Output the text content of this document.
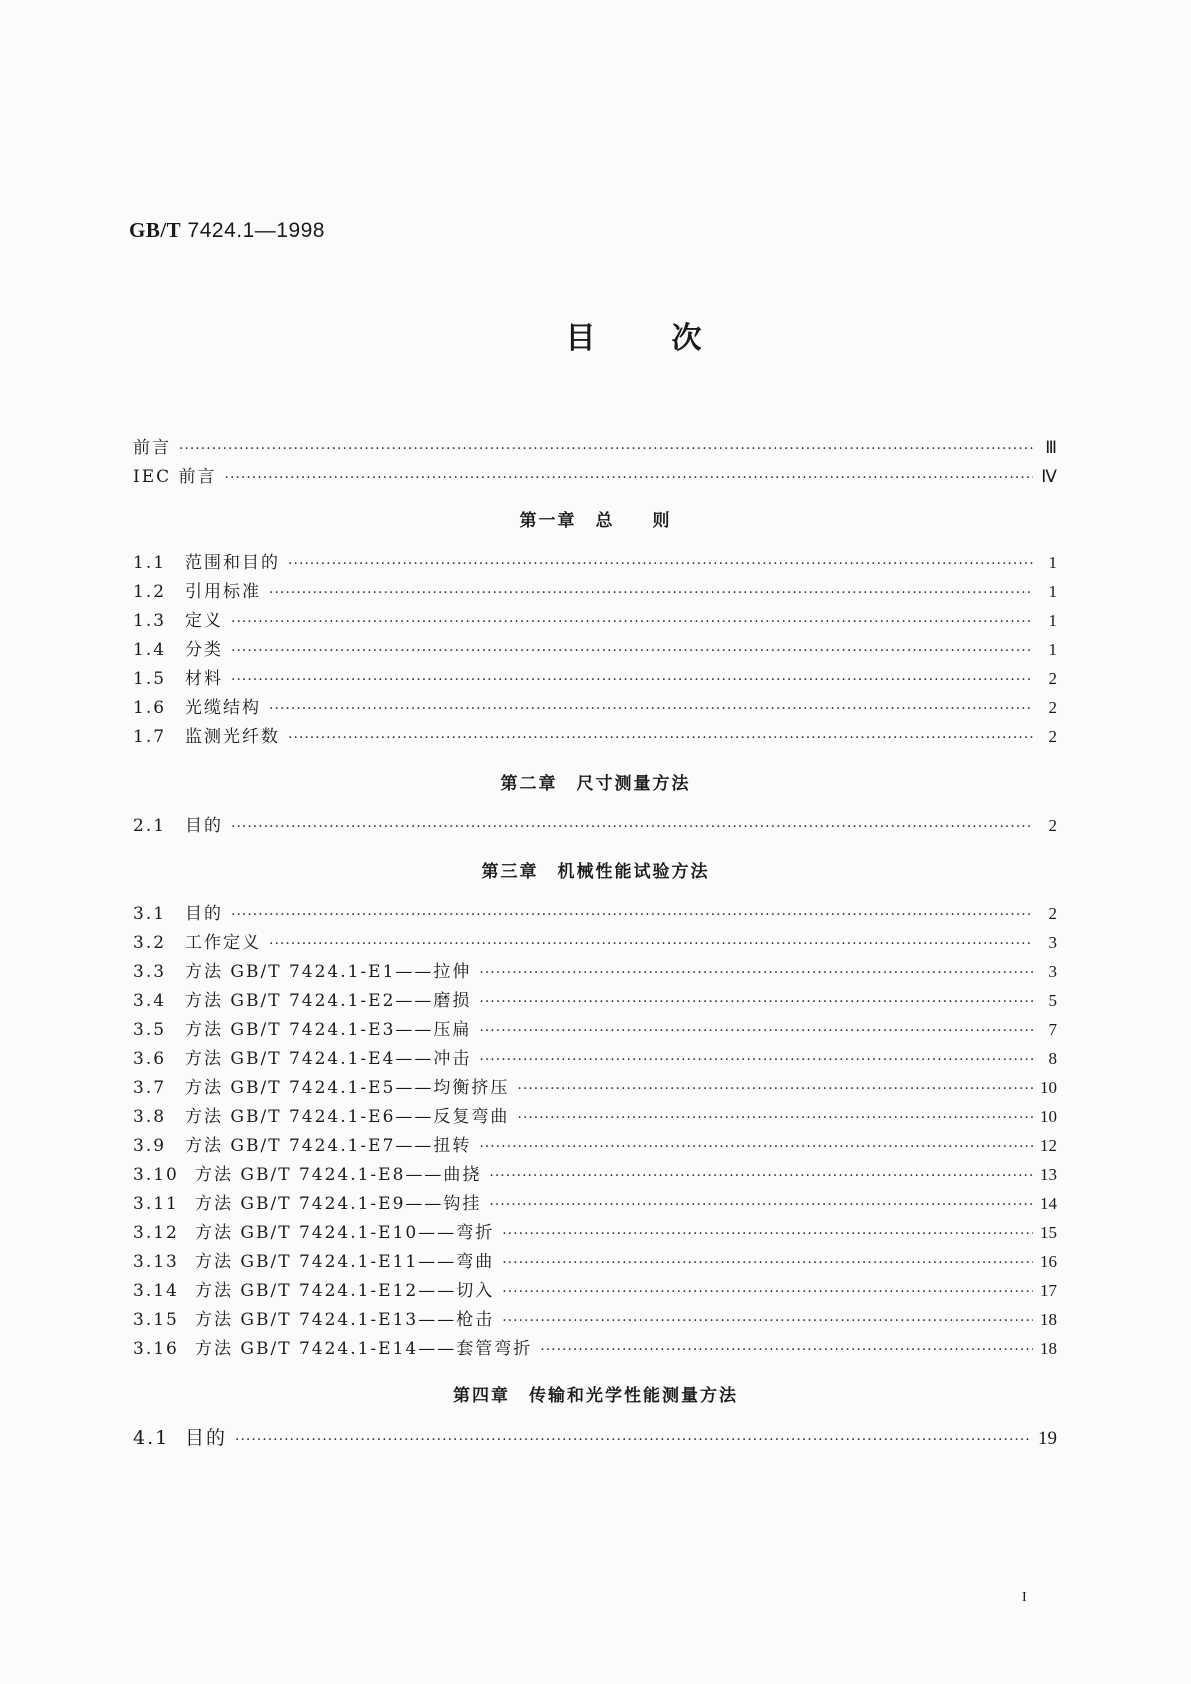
GB/T 7424.1—1998
目次
前言 ·····	Ⅲ
IEC 前言 ·····	Ⅳ
第一章　总　　则
1.1	范围和目的 ·····	1
1.2	引用标准 ·····	1
1.3	定义 ·····	1
1.4	分类 ·····	1
1.5	材料 ·····	2
1.6	光缆结构 ·····	2
1.7	监测光纤数 ·····	2
第二章　尺寸测量方法
2.1	目的 ·····	2
第三章　机械性能试验方法
3.1	目的 ·····	2
3.2	工作定义 ·····	3
3.3	方法 GB/T 7424.1-E1——拉伸 ·····	3
3.4	方法 GB/T 7424.1-E2——磨损 ·····	5
3.5	方法 GB/T 7424.1-E3——压扁 ·····	7
3.6	方法 GB/T 7424.1-E4——冲击 ·····	8
3.7	方法 GB/T 7424.1-E5——均衡挤压 ·····	10
3.8	方法 GB/T 7424.1-E6——反复弯曲 ·····	10
3.9	方法 GB/T 7424.1-E7——扭转 ·····	12
3.10 方法 GB/T 7424.1-E8——曲挠 ·····	13
3.11 方法 GB/T 7424.1-E9——钩挂 ·····	14
3.12 方法 GB/T 7424.1-E10——弯折 ·····	15
3.13 方法 GB/T 7424.1-E11——弯曲 ·····	16
3.14 方法 GB/T 7424.1-E12——切入 ·····	17
3.15 方法 GB/T 7424.1-E13——枪击 ·····	18
3.16 方法 GB/T 7424.1-E14——套管弯折 ·····	18
第四章　传输和光学性能测量方法
4.1 目的 ·····	19
I
